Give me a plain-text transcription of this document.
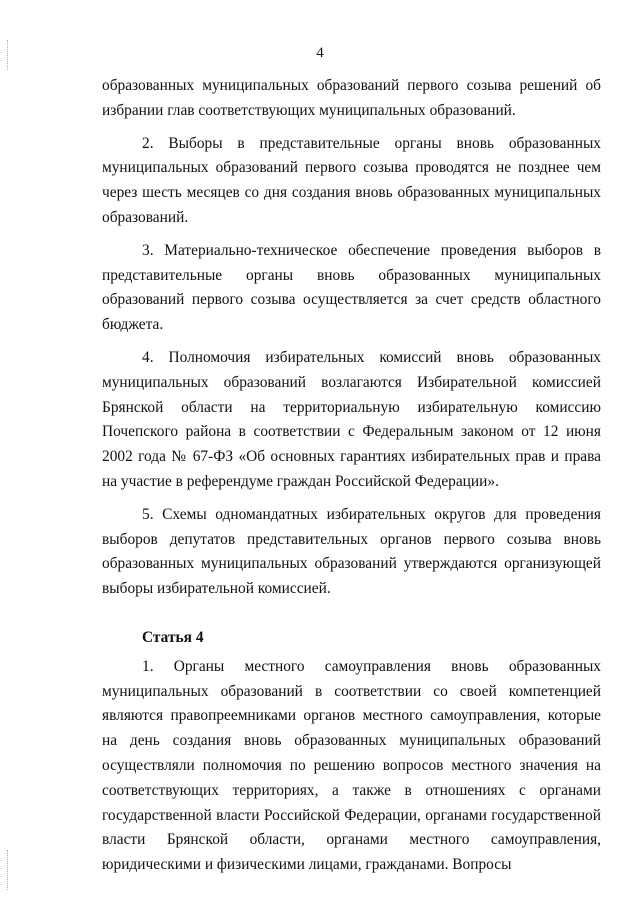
4

образованных муниципальных образований первого созыва решений об избрании глав соответствующих муниципальных образований.

2. Выборы в представительные органы вновь образованных муниципальных образований первого созыва проводятся не позднее чем через шесть месяцев со дня создания вновь образованных муниципальных образований.

3. Материально-техническое обеспечение проведения выборов в представительные органы вновь образованных муниципальных образований первого созыва осуществляется за счет средств областного бюджета.

4. Полномочия избирательных комиссий вновь образованных муниципальных образований возлагаются Избирательной комиссией Брянской области на территориальную избирательную комиссию Почепского района в соответствии с Федеральным законом от 12 июня 2002 года № 67-ФЗ «Об основных гарантиях избирательных прав и права на участие в референдуме граждан Российской Федерации».

5. Схемы одномандатных избирательных округов для проведения выборов депутатов представительных органов первого созыва вновь образованных муниципальных образований утверждаются организующей выборы избирательной комиссией.

Статья 4

1. Органы местного самоуправления вновь образованных муниципальных образований в соответствии со своей компетенцией являются правопреемниками органов местного самоуправления, которые на день создания вновь образованных муниципальных образований осуществляли полномочия по решению вопросов местного значения на соответствующих территориях, а также в отношениях с органами государственной власти Российской Федерации, органами государственной власти Брянской области, органами местного самоуправления, юридическими и физическими лицами, гражданами. Вопросы
